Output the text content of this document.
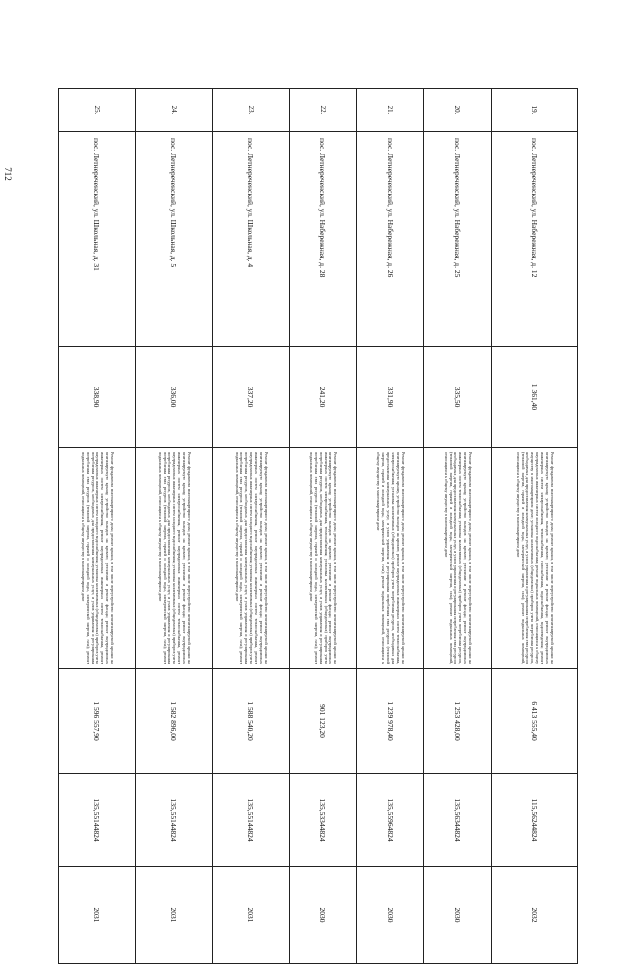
712
19.	пос. Летнереченский, ул. Набережная, д. 12	1 361,40	Ремонт фундамента многоквартирного дома; ремонт крыши, в том числе переустройство невентилируемой крыши на вентилируемую крышу, устройство выходов на кровлю; утепление и ремонт фасада; ремонт внутридомовых инженерных систем электроснабжения, теплоснабжения, газоснабжения, водоснабжения, водоотведения; ремонт внутридомовых инженерных систем холодного водоснабжения; ремонт подвальных помещений, относящихся к общему имуществу в многоквартирном доме; установка коллективных (общедомовых) приборов учета потребления ресурсов, необходимых для предоставления коммунальных услуг, и узлов управления и регулирования потребления этих ресурсов (тепловой энергии, горячей и холодной воды, электрической энергии, газа); ремонт подвальных помещений, относящихся к общему имуществу в многоквартирном доме	6 413 555,40	115,56244824	2032
20.	пос. Летнереченский, ул. Набережная, д. 25	335,50	Ремонт фундамента многоквартирного дома; ремонт крыши, в том числе переустройство невентилируемой крыши на вентилируемую крышу, устройство выходов на кровлю; утепление и ремонт фасада; ремонт внутридомовых инженерных систем теплоснабжения; установка коллективных (общедомовых) приборов учета потребления ресурсов, необходимых для предоставления коммунальных услуг, и узлов управления и регулирования потребления этих ресурсов (тепловой энергии, горячей и холодной воды, электрической энергии, газа); ремонт подвальных помещений, относящихся к общему имуществу в многоквартирном доме	1 253 428,00	135,56344824	2030
21.	пос. Летнереченский, ул. Набережная, д. 26	331,90	Ремонт фундамента многоквартирного дома; ремонт крыши, в том числе переустройство невентилируемой крыши на вентилируемую крышу, устройство выходов на кровлю; ремонт внутридомовых инженерных систем теплоснабжения, электроснабжения; установка коллективных (общедомовых) приборов учета потребления ресурсов, необходимых для предоставления коммунальных услуг, и узлов управления и регулирования потребления этих ресурсов (тепловой энергии, горячей и холодной воды, электрической энергии, газа); ремонт подвальных помещений, относящихся к общему имуществу в многоквартирном доме	1 239 978,40	135,55964824	2030
22.	пос. Летнереченский, ул. Набережная, д. 28	241,20	Ремонт фундамента многоквартирного дома; ремонт крыши, в том числе переустройство невентилируемой крыши на вентилируемую крышу, устройство выходов на кровлю; утепление и ремонт фасада; ремонт внутридомовых инженерных систем электроснабжения, теплоснабжения; установка коллективных (общедомовых) приборов учета потребления ресурсов, необходимых для предоставления коммунальных услуг, и узлов управления и регулирования потребления этих ресурсов (тепловой энергии, горячей и холодной воды, электрической энергии, газа); ремонт подвальных помещений, относящихся к общему имуществу в многоквартирном доме	901 123,20	135,53344824	2030
23.	пос. Летнереченский, ул. Школьная, д. 4	337,20	Ремонт фундамента многоквартирного дома; ремонт крыши, в том числе переустройство невентилируемой крыши на вентилируемую крышу, устройство выходов на кровлю; утепление и ремонт фасада; ремонт внутридомовых инженерных систем электроснабжения, ремонт внутридомовых инженерных систем теплоснабжения, ремонт внутридомовых инженерных систем холодного водоснабжения; установка коллективных (общедомовых) приборов учета потребления ресурсов, необходимых для предоставления коммунальных услуг, и узлов управления и регулирования потребления этих ресурсов (тепловой энергии, горячей и холодной воды, электрической энергии, газа); ремонт подвальных помещений, относящихся к общему имуществу в многоквартирном доме	1 588 540,20	135,55144824	2031
24.	пос. Летнереченский, ул. Школьная, д. 5	336,00	Ремонт фундамента многоквартирного дома; ремонт крыши, в том числе переустройство невентилируемой крыши на вентилируемую крышу, устройство выходов на кровлю; утепление и ремонт фасада; ремонт внутридомовых инженерных систем электроснабжения, ремонт внутридомовых инженерных систем теплоснабжения, ремонт внутридомовых инженерных систем холодного водоснабжения; установка коллективных (общедомовых) приборов учета потребления ресурсов, необходимых для предоставления коммунальных услуг, и узлов управления и регулирования потребления этих ресурсов (тепловой энергии, горячей и холодной воды, электрической энергии, газа); ремонт подвальных помещений, относящихся к общему имуществу в многоквартирном доме	1 582 896,00	135,55144824	2031
25.	пос. Летнереченский, ул. Школьная, д. 31	338,90	Ремонт фундамента многоквартирного дома; ремонт крыши, в том числе переустройство невентилируемой крыши на вентилируемую крышу, устройство выходов на кровлю; утепление и ремонт фасада; ремонт внутридомовых инженерных систем электроснабжения, ремонт внутридомовых инженерных систем теплоснабжения, ремонт внутридомовых инженерных систем холодного водоснабжения; установка коллективных (общедомовых) приборов учета потребления ресурсов, необходимых для предоставления коммунальных услуг, и узлов управления и регулирования потребления этих ресурсов (тепловой энергии, горячей и холодной воды, электрической энергии, газа); ремонт подвальных помещений, относящихся к общему имуществу в многоквартирном доме	1 596 557,90	135,55144824	2031
